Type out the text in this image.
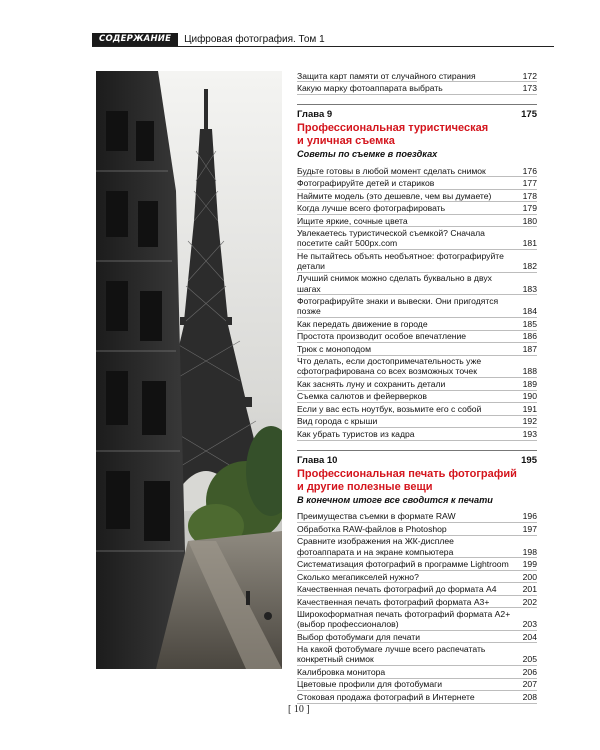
СОДЕРЖАНИЕ	Цифровая фотография. Том 1
Защита карт памяти от случайного стирания	172
Какую марку фотоаппарата выбрать	173
Глава 9	175
Профессиональная туристическая
и уличная съемка
Советы по съемке в поездках
Будьте готовы в любой момент сделать снимок	176
Фотографируйте детей и стариков	177
Наймите модель (это дешевле, чем вы думаете)	178
Когда лучше всего фотографировать	179
Ищите яркие, сочные цвета	180
Увлекаетесь туристической съемкой? Сначала посетите сайт 500px.com	181
Не пытайтесь объять необъятное: фотографируйте детали	182
Лучший снимок можно сделать буквально в двух шагах	183
Фотографируйте знаки и вывески. Они пригодятся позже	184
Как передать движение в городе	185
Простота производит особое впечатление	186
Трюк с моноподом	187
Что делать, если достопримечательность уже сфотографирована со всех возможных точек	188
Как заснять луну и сохранить детали	189
Съемка салютов и фейерверков	190
Если у вас есть ноутбук, возьмите его с собой	191
Вид города с крыши	192
Как убрать туристов из кадра	193
Глава 10	195
Профессиональная печать фотографий
и другие полезные вещи
В конечном итоге все сводится к печати
Преимущества съемки в формате RAW	196
Обработка RAW-файлов в Photoshop	197
Сравните изображения на ЖК-дисплее фотоаппарата и на экране компьютера	198
Систематизация фотографий в программе Lightroom	199
Сколько мегапикселей нужно?	200
Качественная печать фотографий до формата А4	201
Качественная печать фотографий формата А3+	202
Широкоформатная печать фотографий формата А2+ (выбор профессионалов)	203
Выбор фотобумаги для печати	204
На какой фотобумаге лучше всего распечатать конкретный снимок	205
Калибровка монитора	206
Цветовые профили для фотобумаги	207
Стоковая продажа фотографий в Интернете	208
[ 10 ]
